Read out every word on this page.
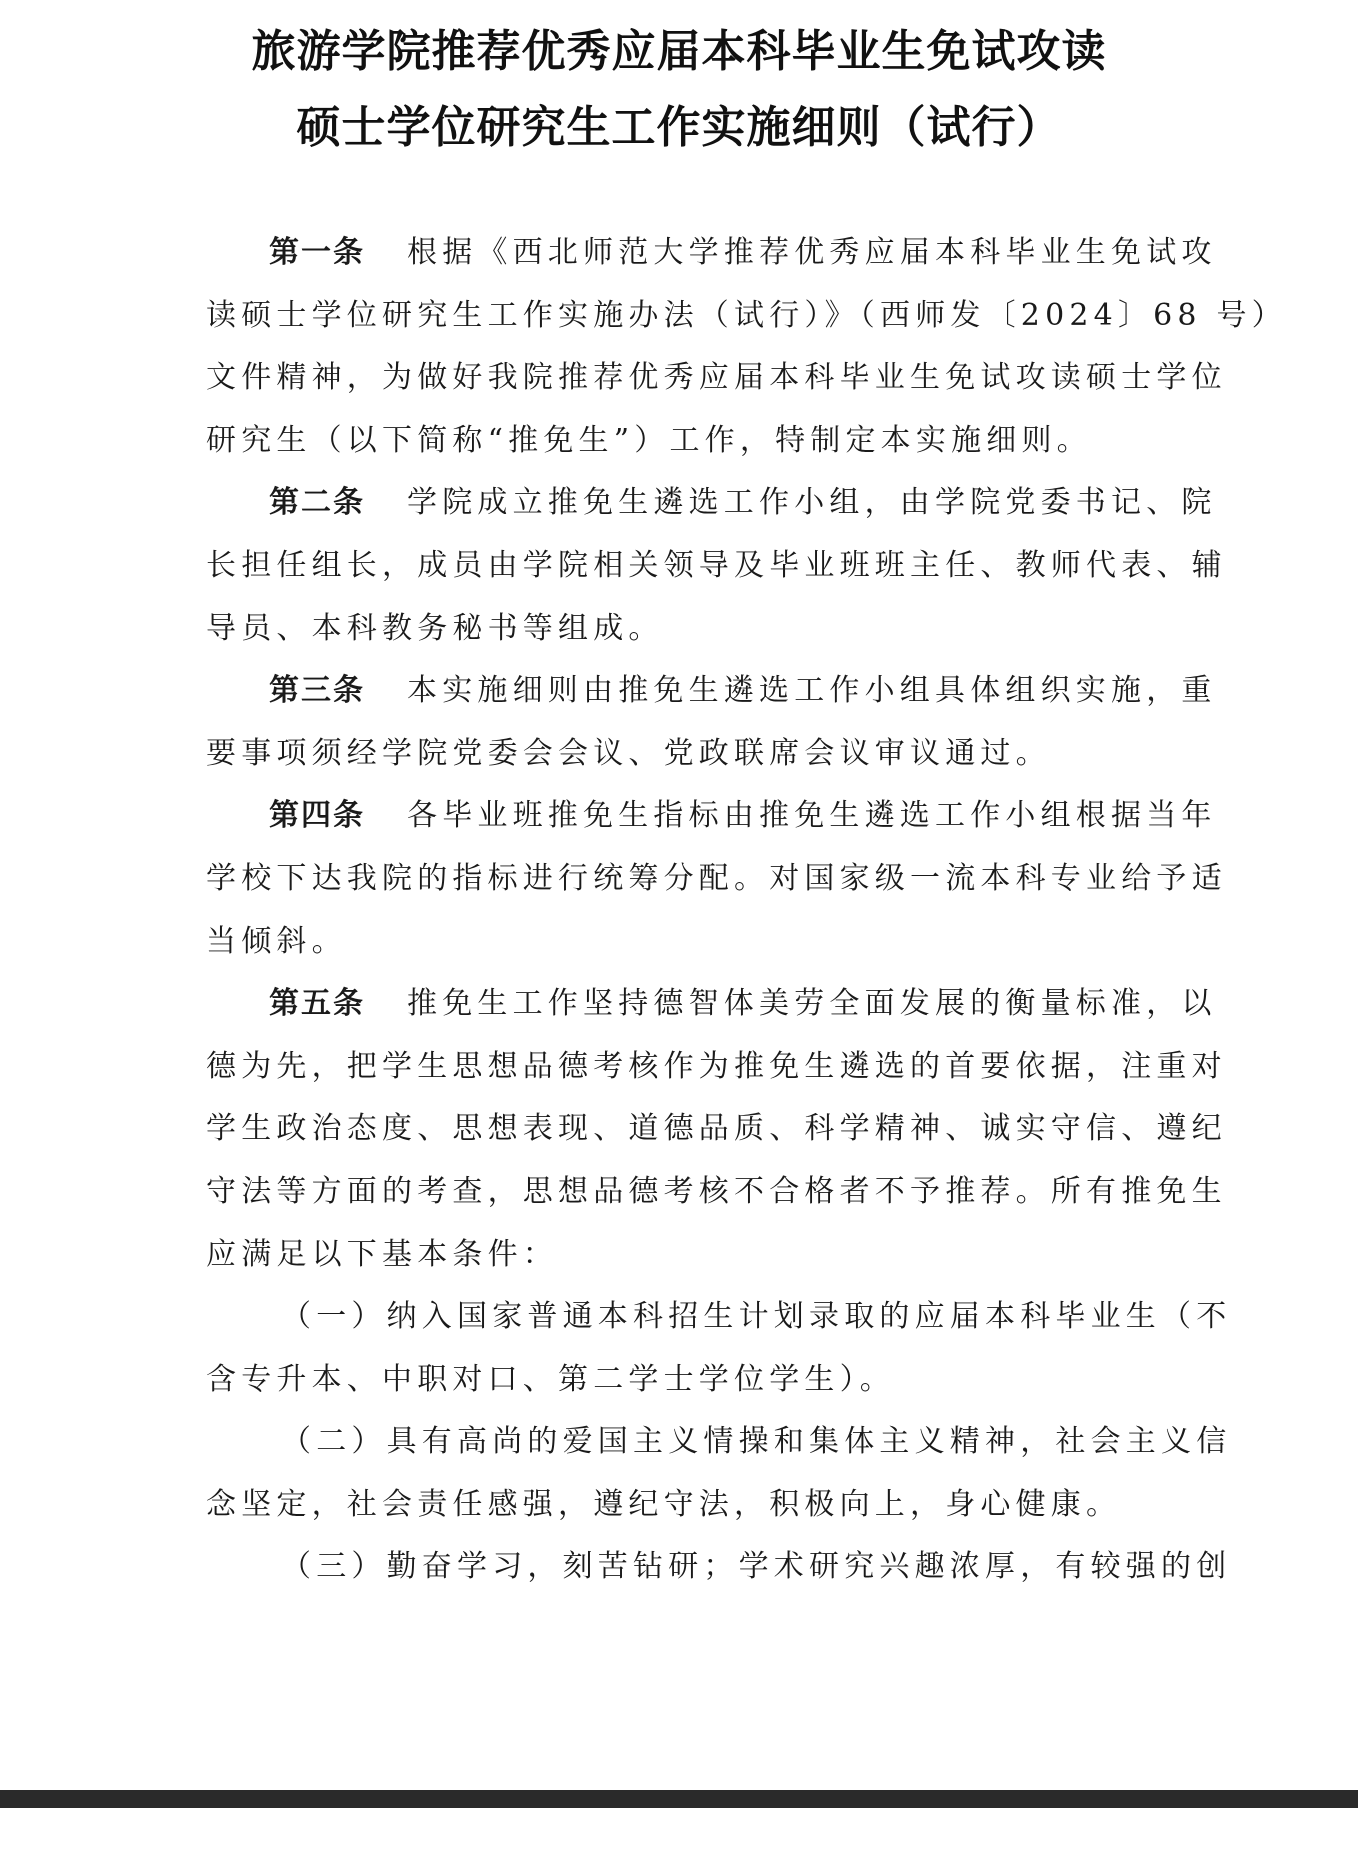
旅游学院推荐优秀应届本科毕业生免试攻读
硕士学位研究生工作实施细则（试行）
第一条 根据《西北师范大学推荐优秀应届本科毕业生免试攻
读硕士学位研究生工作实施办法（试行）》（西师发〔2024〕68 号）
文件精神，为做好我院推荐优秀应届本科毕业生免试攻读硕士学位
研究生（以下简称“推免生”）工作，特制定本实施细则。
第二条 学院成立推免生遴选工作小组，由学院党委书记、院
长担任组长，成员由学院相关领导及毕业班班主任、教师代表、辅
导员、本科教务秘书等组成。
第三条 本实施细则由推免生遴选工作小组具体组织实施，重
要事项须经学院党委会会议、党政联席会议审议通过。
第四条 各毕业班推免生指标由推免生遴选工作小组根据当年
学校下达我院的指标进行统筹分配。对国家级一流本科专业给予适
当倾斜。
第五条 推免生工作坚持德智体美劳全面发展的衡量标准，以
德为先，把学生思想品德考核作为推免生遴选的首要依据，注重对
学生政治态度、思想表现、道德品质、科学精神、诚实守信、遵纪
守法等方面的考查，思想品德考核不合格者不予推荐。所有推免生
应满足以下基本条件：
（一）纳入国家普通本科招生计划录取的应届本科毕业生（不
含专升本、中职对口、第二学士学位学生）。
（二）具有高尚的爱国主义情操和集体主义精神，社会主义信
念坚定，社会责任感强，遵纪守法，积极向上，身心健康。
（三）勤奋学习，刻苦钻研；学术研究兴趣浓厚，有较强的创
